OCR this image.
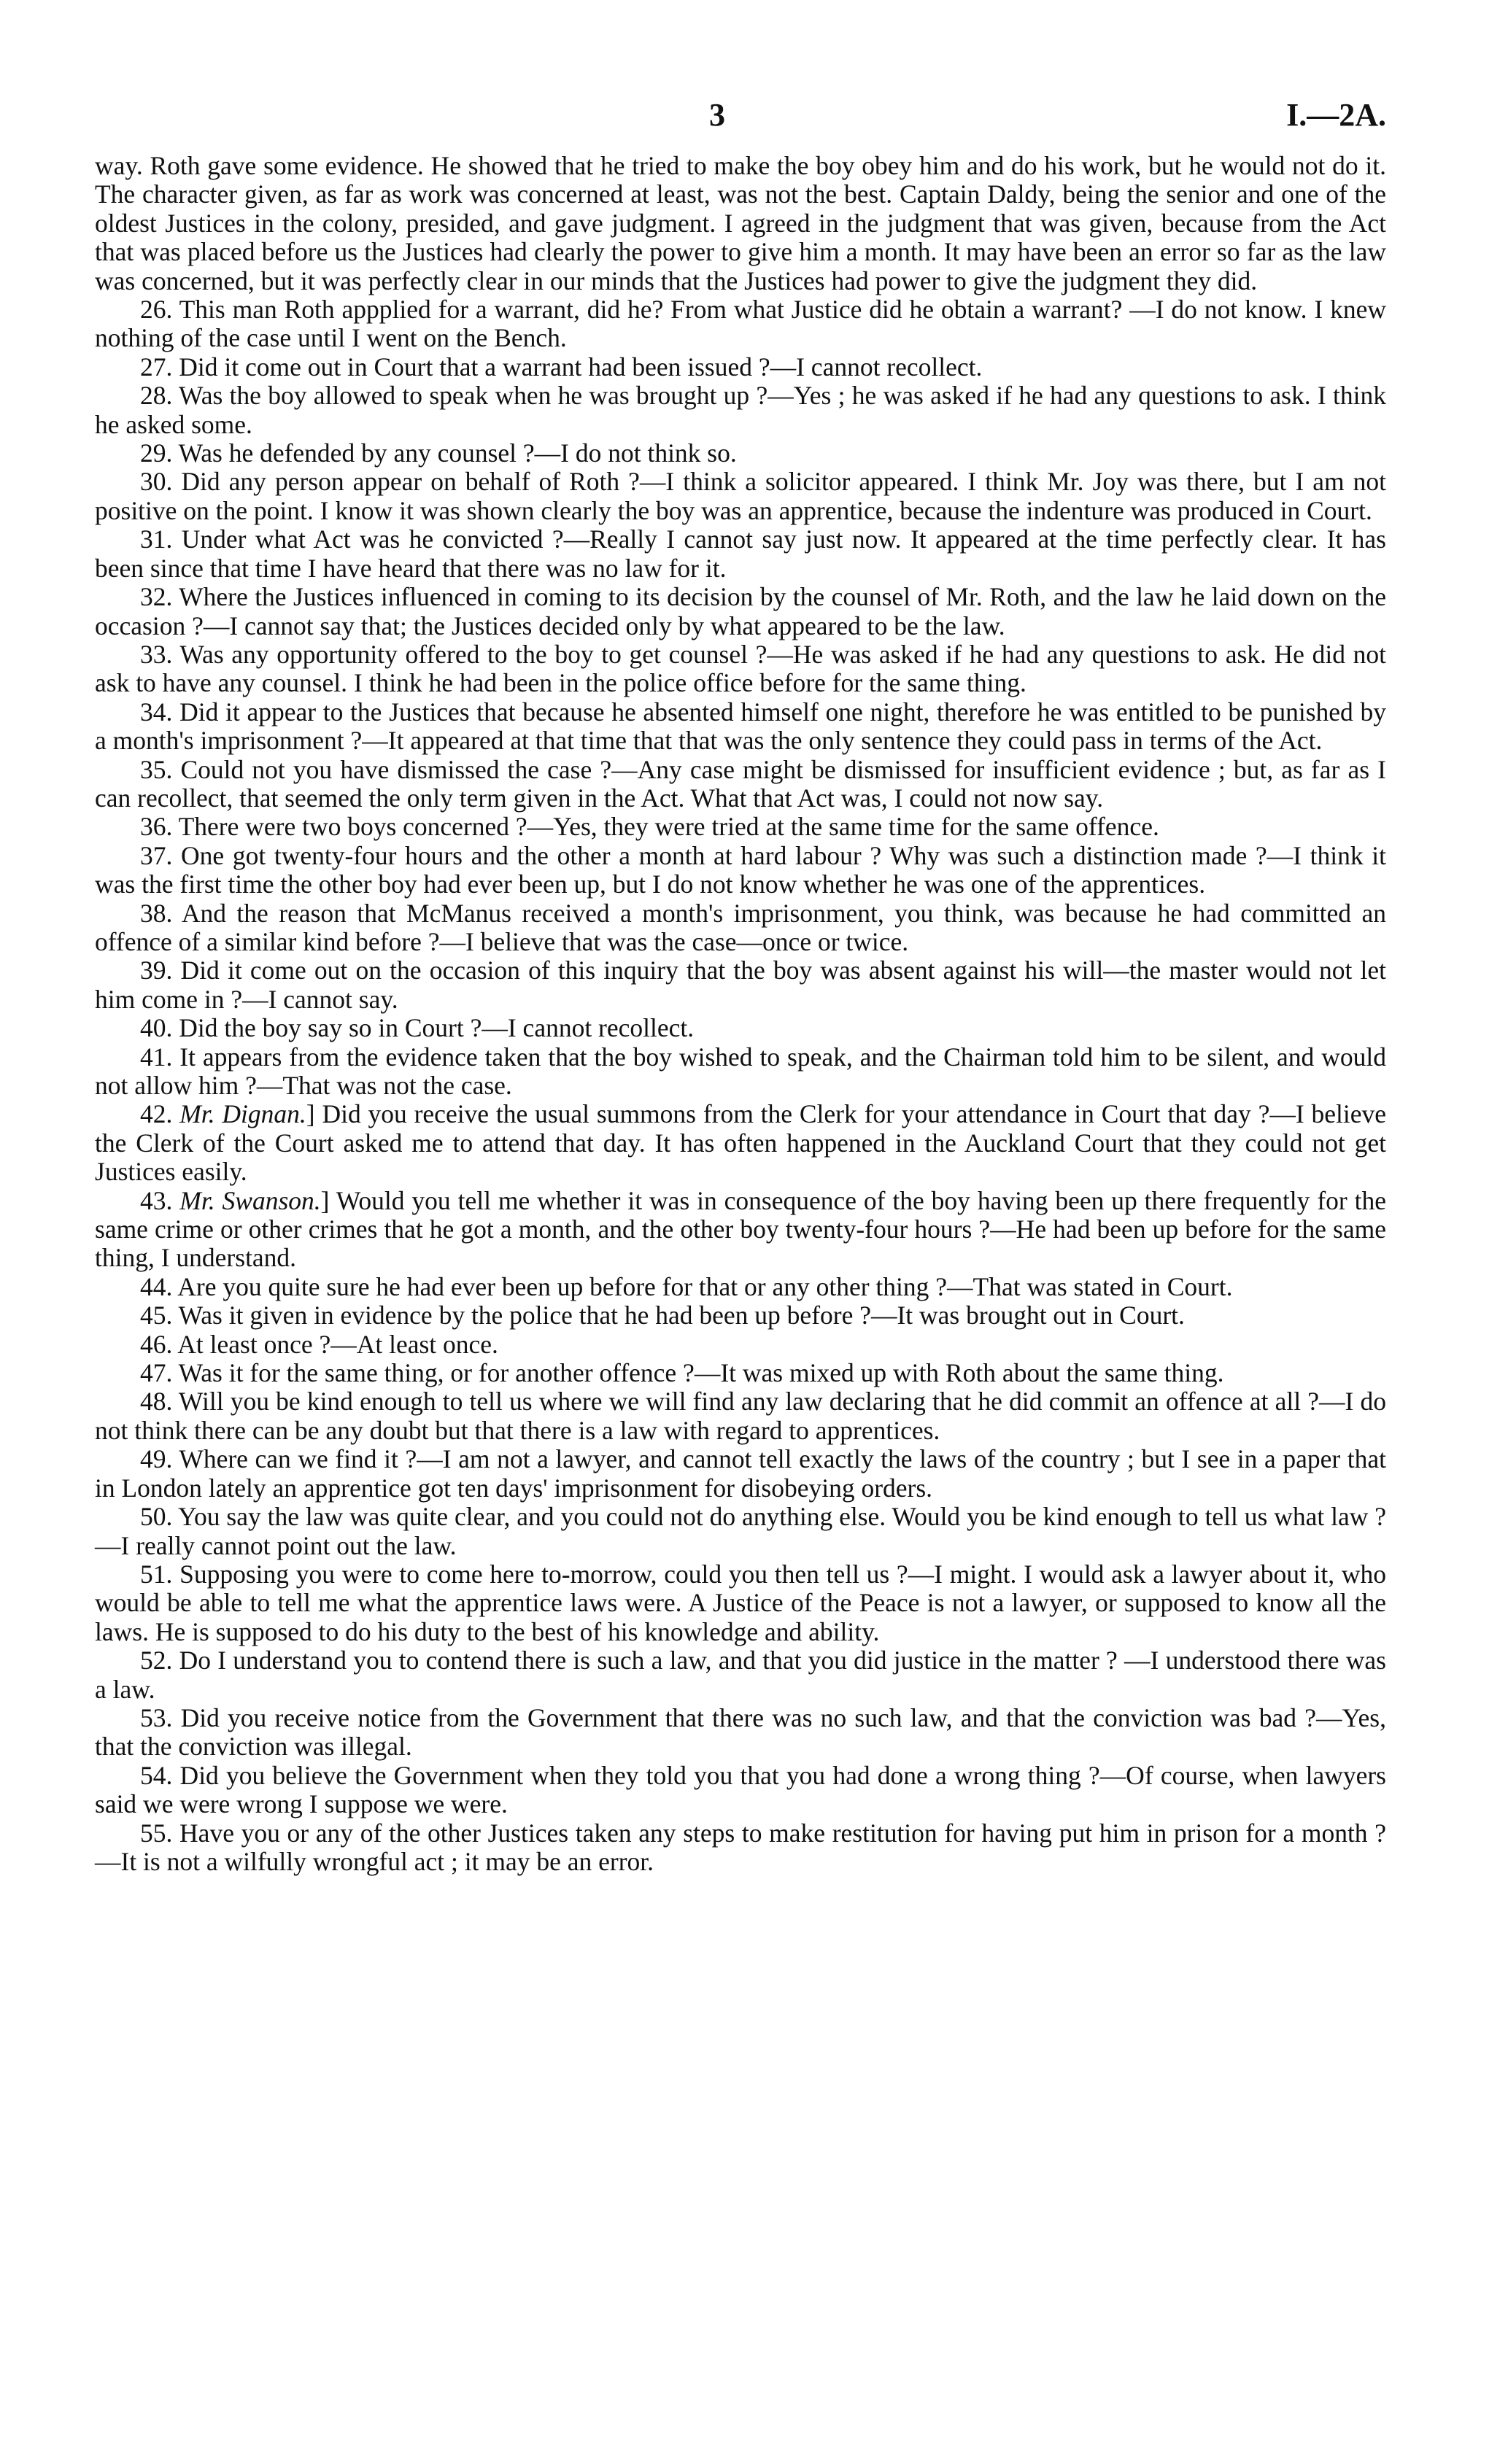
3	I.—2A.

way. Roth gave some evidence. He showed that he tried to make the boy obey him and do his work, but he would not do it. The character given, as far as work was concerned at least, was not the best. Captain Daldy, being the senior and one of the oldest Justices in the colony, presided, and gave judgment. I agreed in the judgment that was given, because from the Act that was placed before us the Justices had clearly the power to give him a month. It may have been an error so far as the law was concerned, but it was perfectly clear in our minds that the Justices had power to give the judgment they did.

26. This man Roth appplied for a warrant, did he? From what Justice did he obtain a warrant? —I do not know. I knew nothing of the case until I went on the Bench.

27. Did it come out in Court that a warrant had been issued ?—I cannot recollect.

28. Was the boy allowed to speak when he was brought up ?—Yes ; he was asked if he had any questions to ask. I think he asked some.

29. Was he defended by any counsel ?—I do not think so.

30. Did any person appear on behalf of Roth ?—I think a solicitor appeared. I think Mr. Joy was there, but I am not positive on the point. I know it was shown clearly the boy was an apprentice, because the indenture was produced in Court.

31. Under what Act was he convicted ?—Really I cannot say just now. It appeared at the time perfectly clear. It has been since that time I have heard that there was no law for it.

32. Where the Justices influenced in coming to its decision by the counsel of Mr. Roth, and the law he laid down on the occasion ?—I cannot say that; the Justices decided only by what appeared to be the law.

33. Was any opportunity offered to the boy to get counsel ?—He was asked if he had any questions to ask. He did not ask to have any counsel. I think he had been in the police office before for the same thing.

34. Did it appear to the Justices that because he absented himself one night, therefore he was entitled to be punished by a month's imprisonment ?—It appeared at that time that that was the only sentence they could pass in terms of the Act.

35. Could not you have dismissed the case ?—Any case might be dismissed for insufficient evidence ; but, as far as I can recollect, that seemed the only term given in the Act. What that Act was, I could not now say.

36. There were two boys concerned ?—Yes, they were tried at the same time for the same offence.

37. One got twenty-four hours and the other a month at hard labour ? Why was such a distinction made ?—I think it was the first time the other boy had ever been up, but I do not know whether he was one of the apprentices.

38. And the reason that McManus received a month's imprisonment, you think, was because he had committed an offence of a similar kind before ?—I believe that was the case—once or twice.

39. Did it come out on the occasion of this inquiry that the boy was absent against his will—the master would not let him come in ?—I cannot say.

40. Did the boy say so in Court ?—I cannot recollect.

41. It appears from the evidence taken that the boy wished to speak, and the Chairman told him to be silent, and would not allow him ?—That was not the case.

42. Mr. Dignan.] Did you receive the usual summons from the Clerk for your attendance in Court that day ?—I believe the Clerk of the Court asked me to attend that day. It has often happened in the Auckland Court that they could not get Justices easily.

43. Mr. Swanson.] Would you tell me whether it was in consequence of the boy having been up there frequently for the same crime or other crimes that he got a month, and the other boy twenty-four hours ?—He had been up before for the same thing, I understand.

44. Are you quite sure he had ever been up before for that or any other thing ?—That was stated in Court.

45. Was it given in evidence by the police that he had been up before ?—It was brought out in Court.

46. At least once ?—At least once.

47. Was it for the same thing, or for another offence ?—It was mixed up with Roth about the same thing.

48. Will you be kind enough to tell us where we will find any law declaring that he did commit an offence at all ?—I do not think there can be any doubt but that there is a law with regard to apprentices.

49. Where can we find it ?—I am not a lawyer, and cannot tell exactly the laws of the country ; but I see in a paper that in London lately an apprentice got ten days' imprisonment for disobeying orders.

50. You say the law was quite clear, and you could not do anything else. Would you be kind enough to tell us what law ?—I really cannot point out the law.

51. Supposing you were to come here to-morrow, could you then tell us ?—I might. I would ask a lawyer about it, who would be able to tell me what the apprentice laws were. A Justice of the Peace is not a lawyer, or supposed to know all the laws. He is supposed to do his duty to the best of his knowledge and ability.

52. Do I understand you to contend there is such a law, and that you did justice in the matter ? —I understood there was a law.

53. Did you receive notice from the Government that there was no such law, and that the conviction was bad ?—Yes, that the conviction was illegal.

54. Did you believe the Government when they told you that you had done a wrong thing ?—Of course, when lawyers said we were wrong I suppose we were.

55. Have you or any of the other Justices taken any steps to make restitution for having put him in prison for a month ?—It is not a wilfully wrongful act ; it may be an error.
